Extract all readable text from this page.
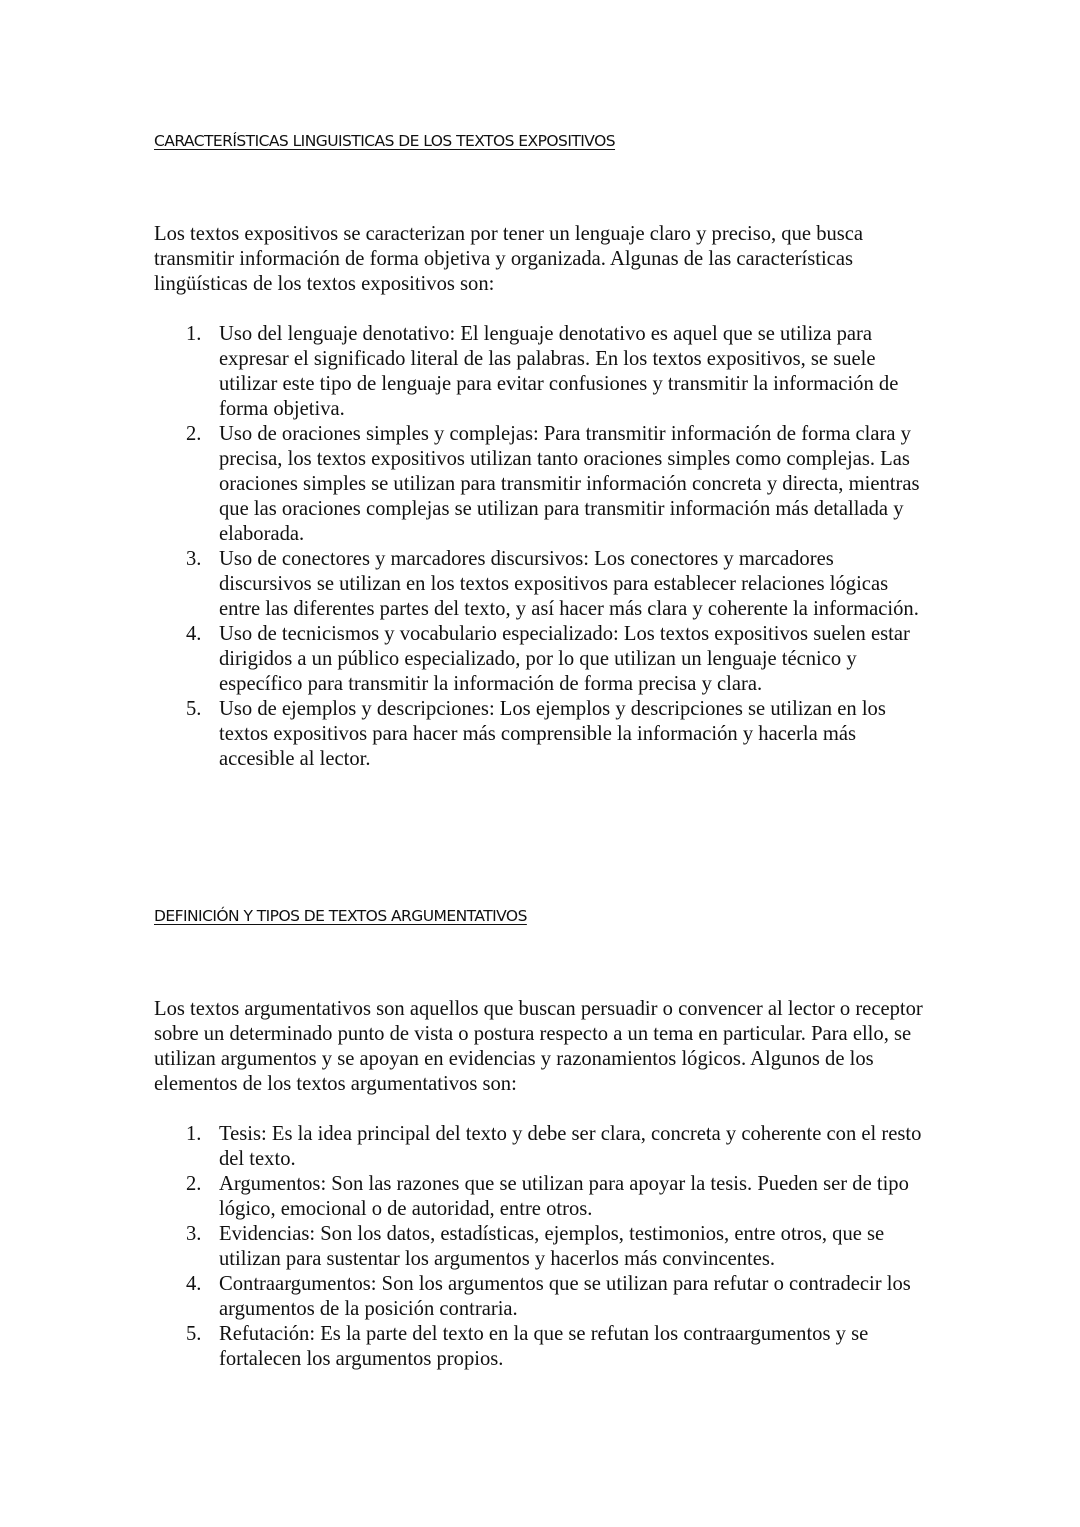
CARACTERÍSTICAS LINGUISTICAS DE LOS TEXTOS EXPOSITIVOS

Los textos expositivos se caracterizan por tener un lenguaje claro y preciso, que busca transmitir información de forma objetiva y organizada. Algunas de las características lingüísticas de los textos expositivos son:

1. Uso del lenguaje denotativo: El lenguaje denotativo es aquel que se utiliza para expresar el significado literal de las palabras. En los textos expositivos, se suele utilizar este tipo de lenguaje para evitar confusiones y transmitir la información de forma objetiva.
2. Uso de oraciones simples y complejas: Para transmitir información de forma clara y precisa, los textos expositivos utilizan tanto oraciones simples como complejas. Las oraciones simples se utilizan para transmitir información concreta y directa, mientras que las oraciones complejas se utilizan para transmitir información más detallada y elaborada.
3. Uso de conectores y marcadores discursivos: Los conectores y marcadores discursivos se utilizan en los textos expositivos para establecer relaciones lógicas entre las diferentes partes del texto, y así hacer más clara y coherente la información.
4. Uso de tecnicismos y vocabulario especializado: Los textos expositivos suelen estar dirigidos a un público especializado, por lo que utilizan un lenguaje técnico y específico para transmitir la información de forma precisa y clara.
5. Uso de ejemplos y descripciones: Los ejemplos y descripciones se utilizan en los textos expositivos para hacer más comprensible la información y hacerla más accesible al lector.
DEFINICIÓN Y TIPOS DE TEXTOS ARGUMENTATIVOS

Los textos argumentativos son aquellos que buscan persuadir o convencer al lector o receptor sobre un determinado punto de vista o postura respecto a un tema en particular. Para ello, se utilizan argumentos y se apoyan en evidencias y razonamientos lógicos. Algunos de los elementos de los textos argumentativos son:

1. Tesis: Es la idea principal del texto y debe ser clara, concreta y coherente con el resto del texto.
2. Argumentos: Son las razones que se utilizan para apoyar la tesis. Pueden ser de tipo lógico, emocional o de autoridad, entre otros.
3. Evidencias: Son los datos, estadísticas, ejemplos, testimonios, entre otros, que se utilizan para sustentar los argumentos y hacerlos más convincentes.
4. Contraargumentos: Son los argumentos que se utilizan para refutar o contradecir los argumentos de la posición contraria.
5. Refutación: Es la parte del texto en la que se refutan los contraargumentos y se fortalecen los argumentos propios.
